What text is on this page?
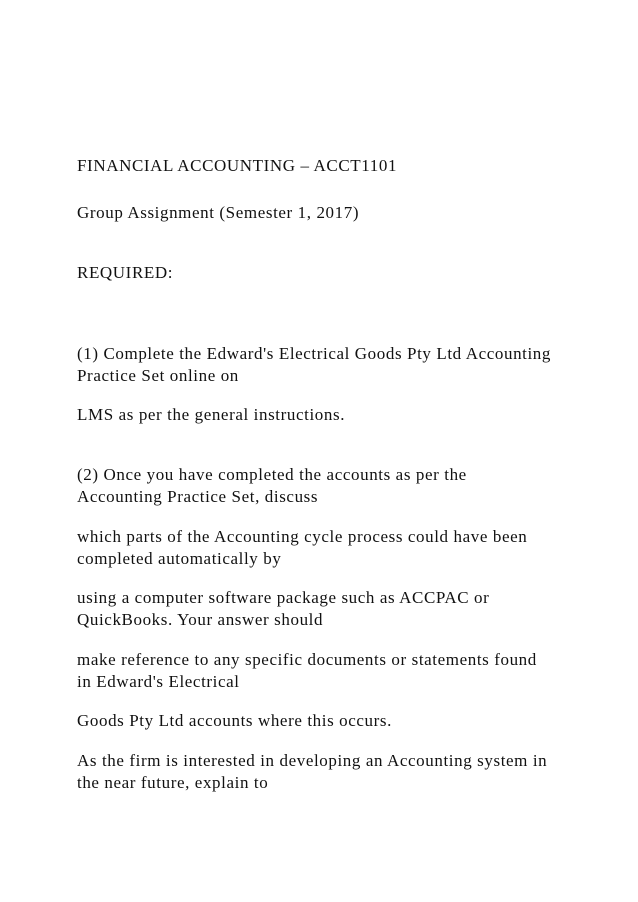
FINANCIAL ACCOUNTING – ACCT1101

Group Assignment (Semester 1, 2017)

REQUIRED:

(1) Complete the Edward's Electrical Goods Pty Ltd Accounting

Practice Set online on

LMS as per the general instructions.

(2) Once you have completed the accounts as per the

Accounting Practice Set, discuss

which parts of the Accounting cycle process could have been

completed automatically by

using a computer software package such as ACCPAC or

QuickBooks. Your answer should

make reference to any specific documents or statements found

in Edward's Electrical

Goods Pty Ltd accounts where this occurs.

As the firm is interested in developing an Accounting system in

the near future, explain to
